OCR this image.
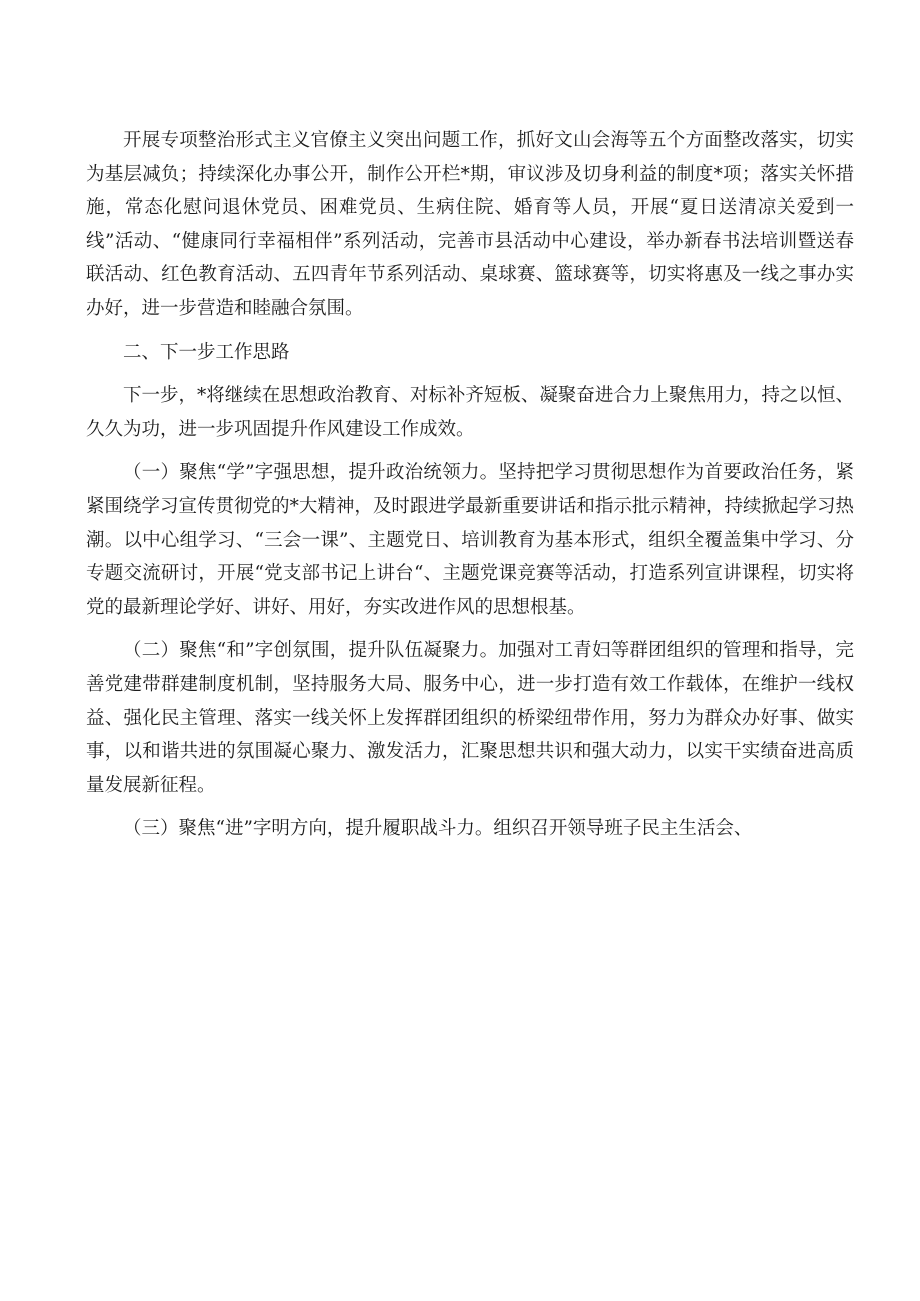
开展专项整治形式主义官僚主义突出问题工作，抓好文山会海等五个方面整改落实，切实为基层减负；持续深化办事公开，制作公开栏*期，审议涉及切身利益的制度*项；落实关怀措施，常态化慰问退休党员、困难党员、生病住院、婚育等人员，开展“夏日送清凉关爱到一线”活动、“健康同行幸福相伴”系列活动，完善市县活动中心建设，举办新春书法培训暨送春联活动、红色教育活动、五四青年节系列活动、桌球赛、篮球赛等，切实将惠及一线之事办实办好，进一步营造和睦融合氛围。

二、下一步工作思路

下一步，*将继续在思想政治教育、对标补齐短板、凝聚奋进合力上聚焦用力，持之以恒、久久为功，进一步巩固提升作风建设工作成效。

（一）聚焦“学”字强思想，提升政治统领力。坚持把学习贯彻思想作为首要政治任务，紧紧围绕学习宣传贯彻党的*大精神，及时跟进学最新重要讲话和指示批示精神，持续掀起学习热潮。以中心组学习、“三会一课”、主题党日、培训教育为基本形式，组织全覆盖集中学习、分专题交流研讨，开展“党支部书记上讲台“、主题党课竞赛等活动，打造系列宣讲课程，切实将党的最新理论学好、讲好、用好，夯实改进作风的思想根基。

（二）聚焦“和”字创氛围，提升队伍凝聚力。加强对工青妇等群团组织的管理和指导，完善党建带群建制度机制，坚持服务大局、服务中心，进一步打造有效工作载体，在维护一线权益、强化民主管理、落实一线关怀上发挥群团组织的桥梁纽带作用，努力为群众办好事、做实事，以和谐共进的氛围凝心聚力、激发活力，汇聚思想共识和强大动力，以实干实绩奋进高质量发展新征程。

（三）聚焦“进”字明方向，提升履职战斗力。组织召开领导班子民主生活会、
